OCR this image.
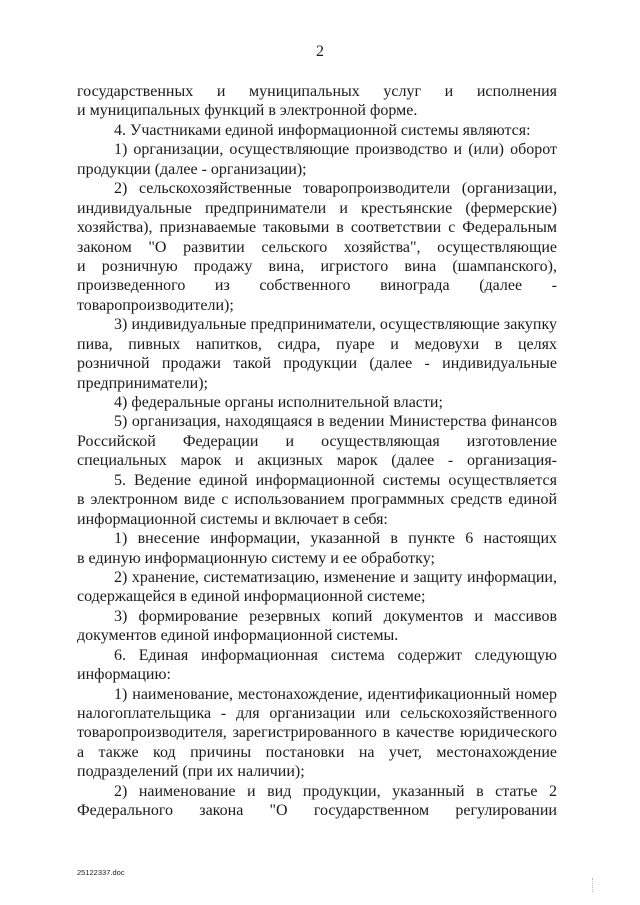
2
государственных и муниципальных услуг и исполнения
и муниципальных функций в электронной форме.
4. Участниками единой информационной системы являются:
1) организации, осуществляющие производство и (или) оборот
продукции (далее - организации);
2) сельскохозяйственные товаропроизводители (организации,
индивидуальные предприниматели и крестьянские (фермерские)
хозяйства), признаваемые таковыми в соответствии с Федеральным
законом "О развитии сельского хозяйства", осуществляющие
и розничную продажу вина, игристого вина (шампанского),
произведенного из собственного винограда (далее -
товаропроизводители);
3) индивидуальные предприниматели, осуществляющие закупку
пива, пивных напитков, сидра, пуаре и медовухи в целях
розничной продажи такой продукции (далее - индивидуальные
предприниматели);
4) федеральные органы исполнительной власти;
5) организация, находящаяся в ведении Министерства финансов
Российской Федерации и осуществляющая изготовление
специальных марок и акцизных марок (далее - организация-
5. Ведение единой информационной системы осуществляется
в электронном виде с использованием программных средств единой
информационной системы и включает в себя:
1) внесение информации, указанной в пункте 6 настоящих
в единую информационную систему и ее обработку;
2) хранение, систематизацию, изменение и защиту информации,
содержащейся в единой информационной системе;
3) формирование резервных копий документов и массивов
документов единой информационной системы.
6. Единая информационная система содержит следующую
информацию:
1) наименование, местонахождение, идентификационный номер
налогоплательщика - для организации или сельскохозяйственного
товаропроизводителя, зарегистрированного в качестве юридического
а также код причины постановки на учет, местонахождение
подразделений (при их наличии);
2) наименование и вид продукции, указанный в статье 2
Федерального закона "О государственном регулировании
25122337.doc
